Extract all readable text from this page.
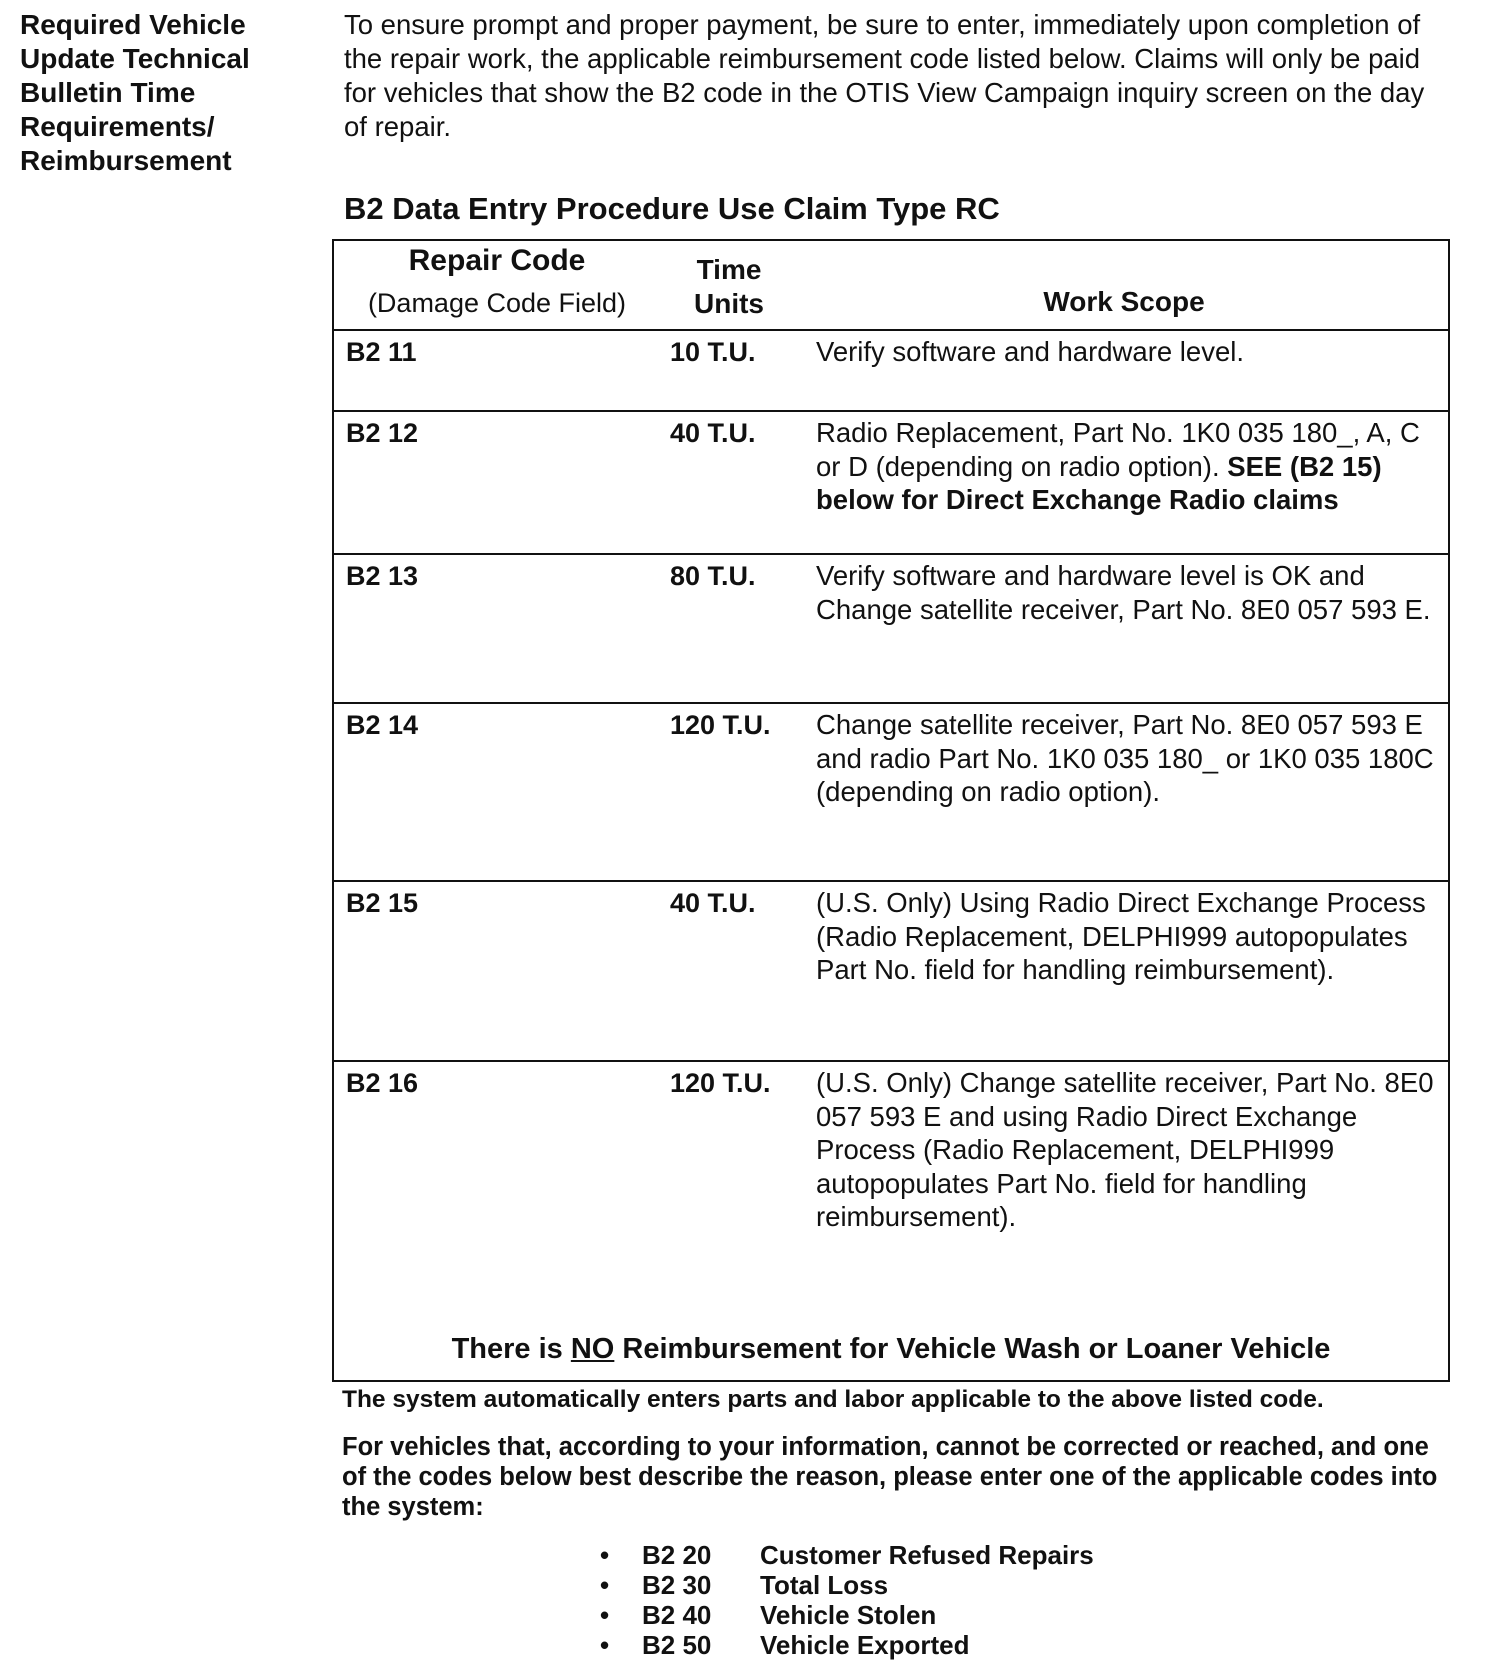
Required Vehicle
Update Technical
Bulletin Time
Requirements/
Reimbursement
To ensure prompt and proper payment, be sure to enter, immediately upon completion of the repair work, the applicable reimbursement code listed below. Claims will only be paid for vehicles that show the B2 code in the OTIS View Campaign inquiry screen on the day of repair.
B2 Data Entry Procedure Use Claim Type RC
Repair Code
(Damage Code Field)
Time
Units	Work Scope
B2 11	10 T.U. Verify software and hardware level.
B2 12	40 T.U. Radio Replacement, Part No. 1K0 035 180_, A, C or D (depending on radio option). SEE (B2 15) below for Direct Exchange Radio claims
B2 13	80 T.U. Verify software and hardware level is OK and Change satellite receiver, Part No. 8E0 057 593 E.
B2 14	120 T.U. Change satellite receiver, Part No. 8E0 057 593 E and radio Part No. 1K0 035 180_ or 1K0 035 180C (depending on radio option).
B2 15	40 T.U. (U.S. Only) Using Radio Direct Exchange Process (Radio Replacement, DELPHI999 autopopulates Part No. field for handling reimbursement).
B2 16	120 T.U. (U.S. Only) Change satellite receiver, Part No. 8E0 057 593 E and using Radio Direct Exchange Process (Radio Replacement, DELPHI999 autopopulates Part No. field for handling reimbursement).
There is NO Reimbursement for Vehicle Wash or Loaner Vehicle
The system automatically enters parts and labor applicable to the above listed code.
For vehicles that, according to your information, cannot be corrected or reached, and one of the codes below best describe the reason, please enter one of the applicable codes into the system:
• B2 20 Customer Refused Repairs
• B2 30 Total Loss
• B2 40 Vehicle Stolen
• B2 50 Vehicle Exported
